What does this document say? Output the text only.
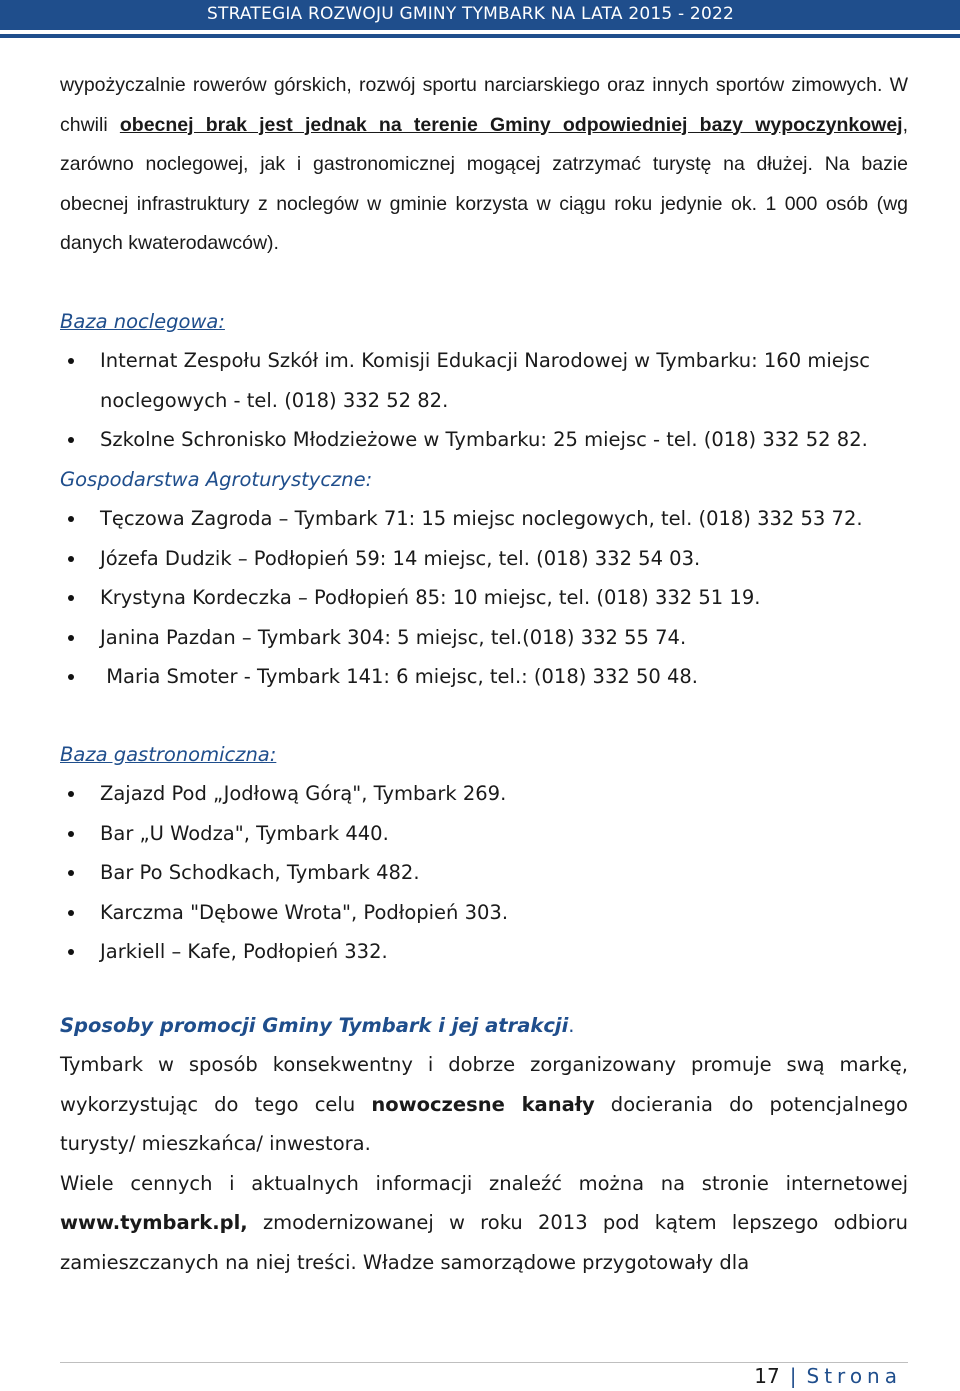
STRATEGIA ROZWOJU GMINY TYMBARK NA LATA 2015 - 2022

wypożyczalnie rowerów górskich, rozwój sportu narciarskiego oraz innych sportów zimowych. W chwili obecnej brak jest jednak na terenie Gminy odpowiedniej bazy wypoczynkowej, zarówno noclegowej, jak i gastronomicznej mogącej zatrzymać turystę na dłużej. Na bazie obecnej infrastruktury z noclegów w gminie korzysta w ciągu roku jedynie ok. 1 000 osób (wg danych kwaterodawców).

Baza noclegowa:

Internat Zespołu Szkół im. Komisji Edukacji Narodowej w Tymbarku: 160 miejsc noclegowych - tel. (018) 332 52 82.
Szkolne Schronisko Młodzieżowe w Tymbarku: 25 miejsc - tel. (018) 332 52 82.

Gospodarstwa Agroturystyczne:

Tęczowa Zagroda – Tymbark 71: 15 miejsc noclegowych, tel. (018) 332 53 72.
Józefa Dudzik – Podłopień 59: 14 miejsc, tel. (018) 332 54 03.
Krystyna Kordeczka – Podłopień 85: 10 miejsc, tel. (018) 332 51 19.
Janina Pazdan – Tymbark 304: 5 miejsc, tel.(018) 332 55 74.
Maria Smoter - Tymbark 141: 6 miejsc, tel.: (018) 332 50 48.

Baza gastronomiczna:

Zajazd Pod „Jodłową Górą", Tymbark 269.
Bar „U Wodza", Tymbark 440.
Bar Po Schodkach, Tymbark 482.
Karczma "Dębowe Wrota", Podłopień 303.
Jarkiell – Kafe, Podłopień 332.

Sposoby promocji Gminy Tymbark i jej atrakcji.

Tymbark w sposób konsekwentny i dobrze zorganizowany promuje swą markę, wykorzystując do tego celu nowoczesne kanały docierania do potencjalnego turysty/ mieszkańca/ inwestora.

Wiele cennych i aktualnych informacji znaleźć można na stronie internetowej www.tymbark.pl, zmodernizowanej w roku 2013 pod kątem lepszego odbioru zamieszczanych na niej treści. Władze samorządowe przygotowały dla

17 | Strona
